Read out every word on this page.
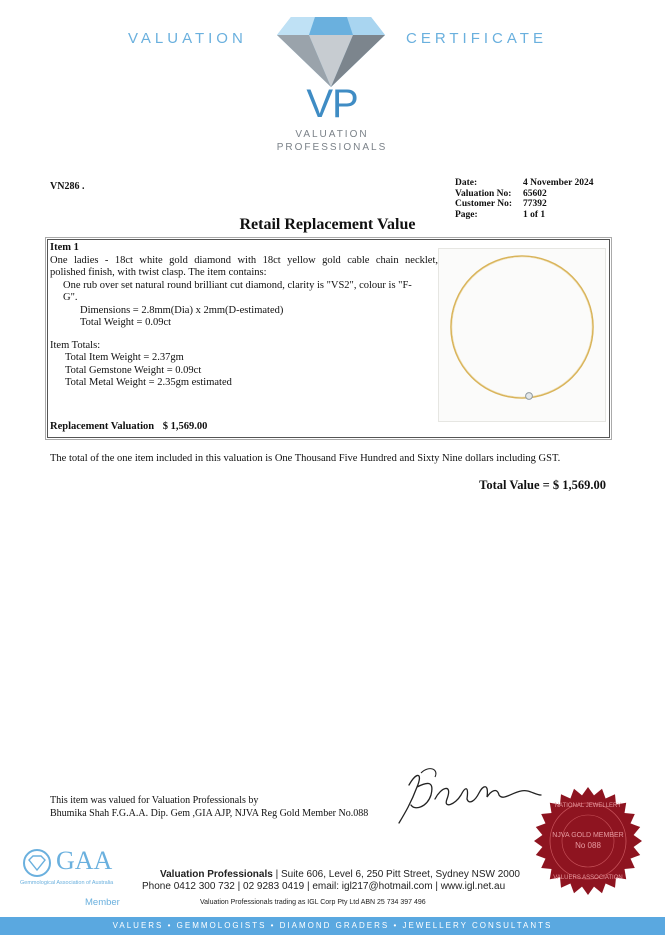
VALUATION	CERTIFICATE
VP
VALUATION
PROFESSIONALS
VN286 .	Date:	4 November 2024
Valuation No:	65602
Customer No:	77392
Page:	1 of 1
Retail Replacement Value
Item 1
One ladies - 18ct white gold diamond with 18ct yellow gold cable chain necklet,
polished finish, with twist clasp. The item contains:
One rub over set natural round brilliant cut diamond, clarity is "VS2", colour is "F-
G".
Dimensions = 2.8mm(Dia) x 2mm(D-estimated)
Total Weight = 0.09ct
Item Totals:
Total Item Weight = 2.37gm
Total Gemstone Weight = 0.09ct
Total Metal Weight = 2.35gm estimated
Replacement Valuation $ 1,569.00
The total of the one item included in this valuation is One Thousand Five Hundred and Sixty Nine dollars including GST.
Total Value = $ 1,569.00
This item was valued for Valuation Professionals by
Bhumika Shah F.G.A.A. Dip. Gem ,GIA AJP, NJVA Reg Gold Member No.088
NATIONAL JEWELLERY
NJVA GOLD MEMBER
No 088
VALUERS ASSOCIATION
GAA
Gemmological Association of Australia
Member
Valuation Professionals | Suite 606, Level 6, 250 Pitt Street, Sydney NSW 2000
Phone 0412 300 732 | 02 9283 0419 | email: igl217@hotmail.com | www.igl.net.au
Valuation Professionals trading as IGL Corp Pty Ltd ABN 25 734 397 496
VALUERS • GEMMOLOGISTS • DIAMOND GRADERS • JEWELLERY CONSULTANTS
